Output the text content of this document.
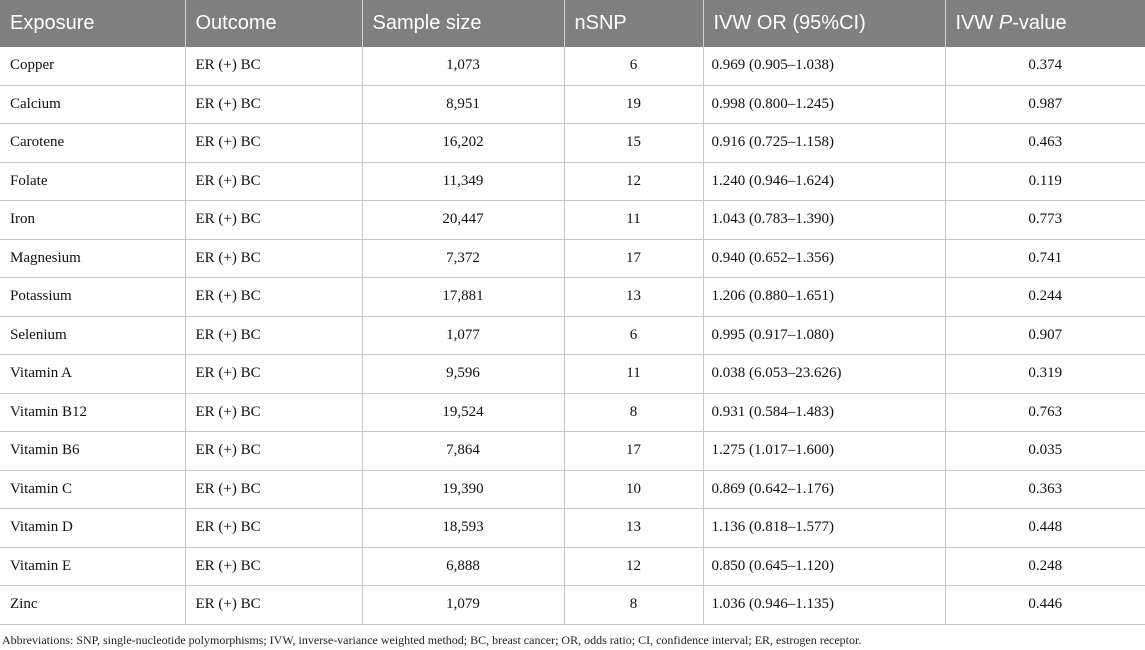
Exposure	Outcome	Sample size	nSNP	IVW OR (95%CI)	IVW P-value
Copper	ER (+) BC	1,073	6	0.969 (0.905–1.038)	0.374
Calcium	ER (+) BC	8,951	19	0.998 (0.800–1.245)	0.987
Carotene	ER (+) BC	16,202	15	0.916 (0.725–1.158)	0.463
Folate	ER (+) BC	11,349	12	1.240 (0.946–1.624)	0.119
Iron	ER (+) BC	20,447	11	1.043 (0.783–1.390)	0.773
Magnesium	ER (+) BC	7,372	17	0.940 (0.652–1.356)	0.741
Potassium	ER (+) BC	17,881	13	1.206 (0.880–1.651)	0.244
Selenium	ER (+) BC	1,077	6	0.995 (0.917–1.080)	0.907
Vitamin A	ER (+) BC	9,596	11	0.038 (6.053–23.626)	0.319
Vitamin B12	ER (+) BC	19,524	8	0.931 (0.584–1.483)	0.763
Vitamin B6	ER (+) BC	7,864	17	1.275 (1.017–1.600)	0.035
Vitamin C	ER (+) BC	19,390	10	0.869 (0.642–1.176)	0.363
Vitamin D	ER (+) BC	18,593	13	1.136 (0.818–1.577)	0.448
Vitamin E	ER (+) BC	6,888	12	0.850 (0.645–1.120)	0.248
Zinc	ER (+) BC	1,079	8	1.036 (0.946–1.135)	0.446
Abbreviations: SNP, single-nucleotide polymorphisms; IVW, inverse-variance weighted method; BC, breast cancer; OR, odds ratio; CI, confidence interval; ER, estrogen receptor.
